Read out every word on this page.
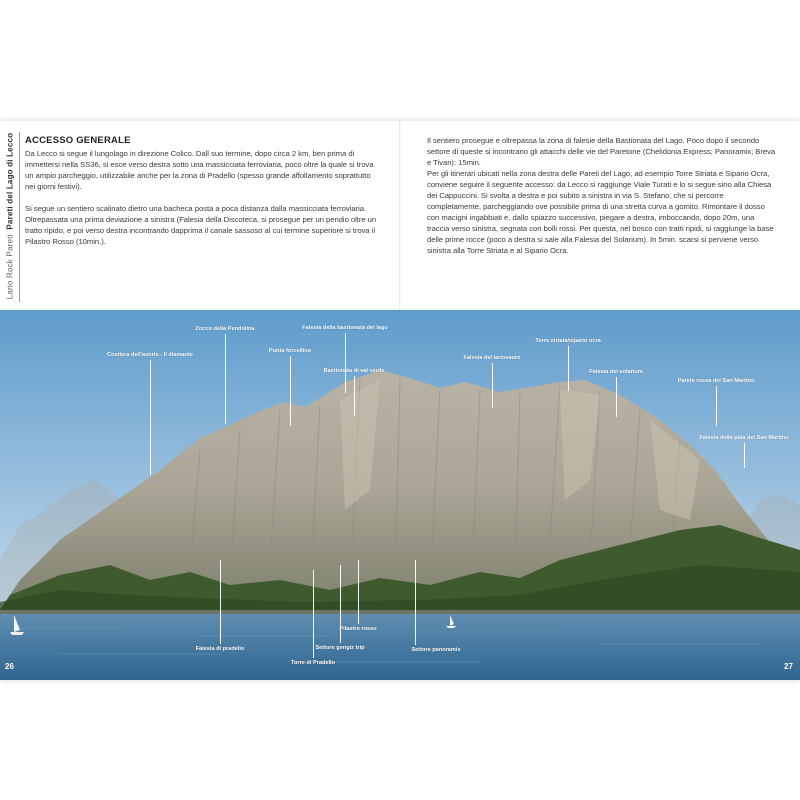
Lario Rock Pareti  Pareti del Lago di Lecco ACCESSO GENERALE

Da Lecco si segue il lungolago in direzione Colico. Dall suo termine, dopo circa 2 km, ben prima di immettersi nella SS36, si esce verso destra sotto una massicciata ferroviaria, poco oltre la quale si trova un ampio parcheggio, utilizzabile anche per la zona di Pradello (spesso grande affollamento soprattutto nei giorni festivi).

Si segue un sentiero scalinato dietro una bacheca posta a poca distanza dalla massicciata ferroviaria. Oltrepassata una prima deviazione a sinistra (Falesia della Discoteca, si prosegue per un pendio oltre un tratto ripido, e poi verso destra incontrando dapprima il canale sassoso al cui termine superiore si trova il Pilastro Rosso (10min.).

Il sentiero prosegue e oltrepassa la zona di falesie della Bastionata del Lago. Poco dopo il secondo settore di queste si incontrano gli attacchi delle vie del Paretone (Chelidonia Express; Panoramix; Breva e Tivan): 15min.

Per gli itinerari ubicati nella zona destra delle Pareti del Lago, ad esempio Torre Striata e Sipario Ocra, conviene seguire il seguente accesso: da Lecco si raggiunge Viale Turati e lo si segue sino alla Chiesa dei Cappuccini. Si svolta a destra e poi subito a sinistra in via S. Stefano, che si percorre completamente, parcheggiando ove possibile prima di una stretta curva a gomito. Rimontare il dosso con macigni ingabbiati e, dallo spiazzo successivo, piegare a destra, imboccando, dopo 20m, una traccia verso sinistra, segnata con bolli rossi. Per questa, nel bosco con tratti ripidi, si raggiunge la base delle prime rocce (poco a destra si sale alla Falesia del Solarium). In 5min. scarsi si perviene verso sinistra alla Torre Striata e al Sipario Ocra.

Costiera dell'avorio - Il diamante
Zocco della Pendolina	Falesia della bastionata del lago
Punta forcellino
Bastionata di val verde
Falesia del lariosauro
Torre striata/sipario ocra
Falesia del solarium
Parete rossa del San Martino
Falesia della pala del San Martino
Falesia di pradello
Torre di Pradello
Settore gengiz trip
Pilastro rosso
Settore panoramix
26	27
